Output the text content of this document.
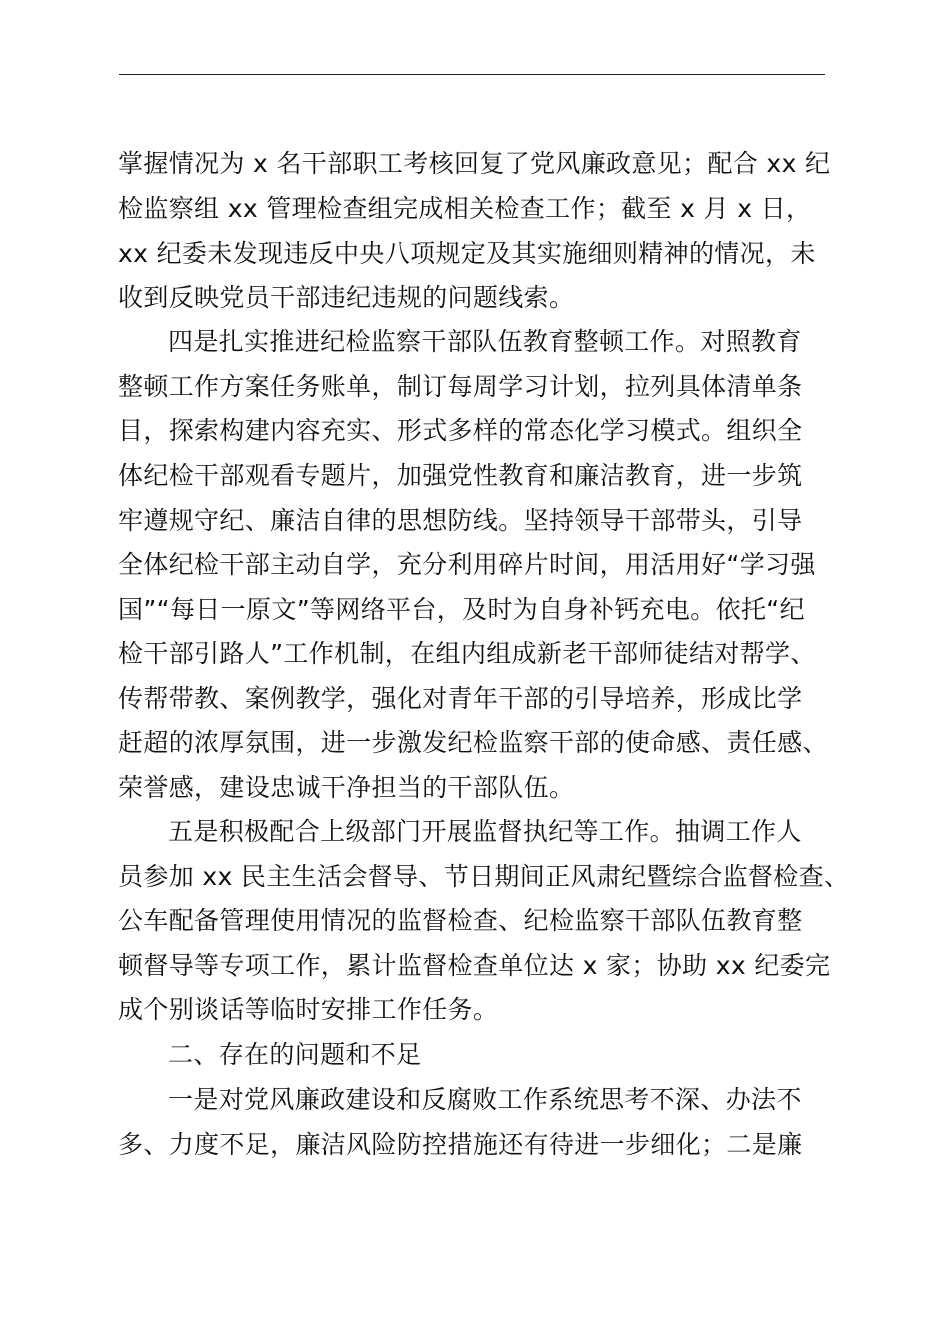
掌握情况为 x 名干部职工考核回复了党风廉政意见；配合 xx 纪
检监察组 xx 管理检查组完成相关检查工作；截至 x 月 x 日，
xx 纪委未发现违反中央八项规定及其实施细则精神的情况，未
收到反映党员干部违纪违规的问题线索。
四是扎实推进纪检监察干部队伍教育整顿工作。对照教育
整顿工作方案任务账单，制订每周学习计划，拉列具体清单条
目，探索构建内容充实、形式多样的常态化学习模式。组织全
体纪检干部观看专题片，加强党性教育和廉洁教育，进一步筑
牢遵规守纪、廉洁自律的思想防线。坚持领导干部带头，引导
全体纪检干部主动自学，充分利用碎片时间，用活用好“学习强
国”“每日一原文”等网络平台，及时为自身补钙充电。依托“纪
检干部引路人”工作机制，在组内组成新老干部师徒结对帮学、
传帮带教、案例教学，强化对青年干部的引导培养，形成比学
赶超的浓厚氛围，进一步激发纪检监察干部的使命感、责任感、
荣誉感，建设忠诚干净担当的干部队伍。
五是积极配合上级部门开展监督执纪等工作。抽调工作人
员参加 xx 民主生活会督导、节日期间正风肃纪暨综合监督检查、
公车配备管理使用情况的监督检查、纪检监察干部队伍教育整
顿督导等专项工作，累计监督检查单位达 x 家；协助 xx 纪委完
成个别谈话等临时安排工作任务。
二、存在的问题和不足
一是对党风廉政建设和反腐败工作系统思考不深、办法不
多、力度不足，廉洁风险防控措施还有待进一步细化；二是廉
